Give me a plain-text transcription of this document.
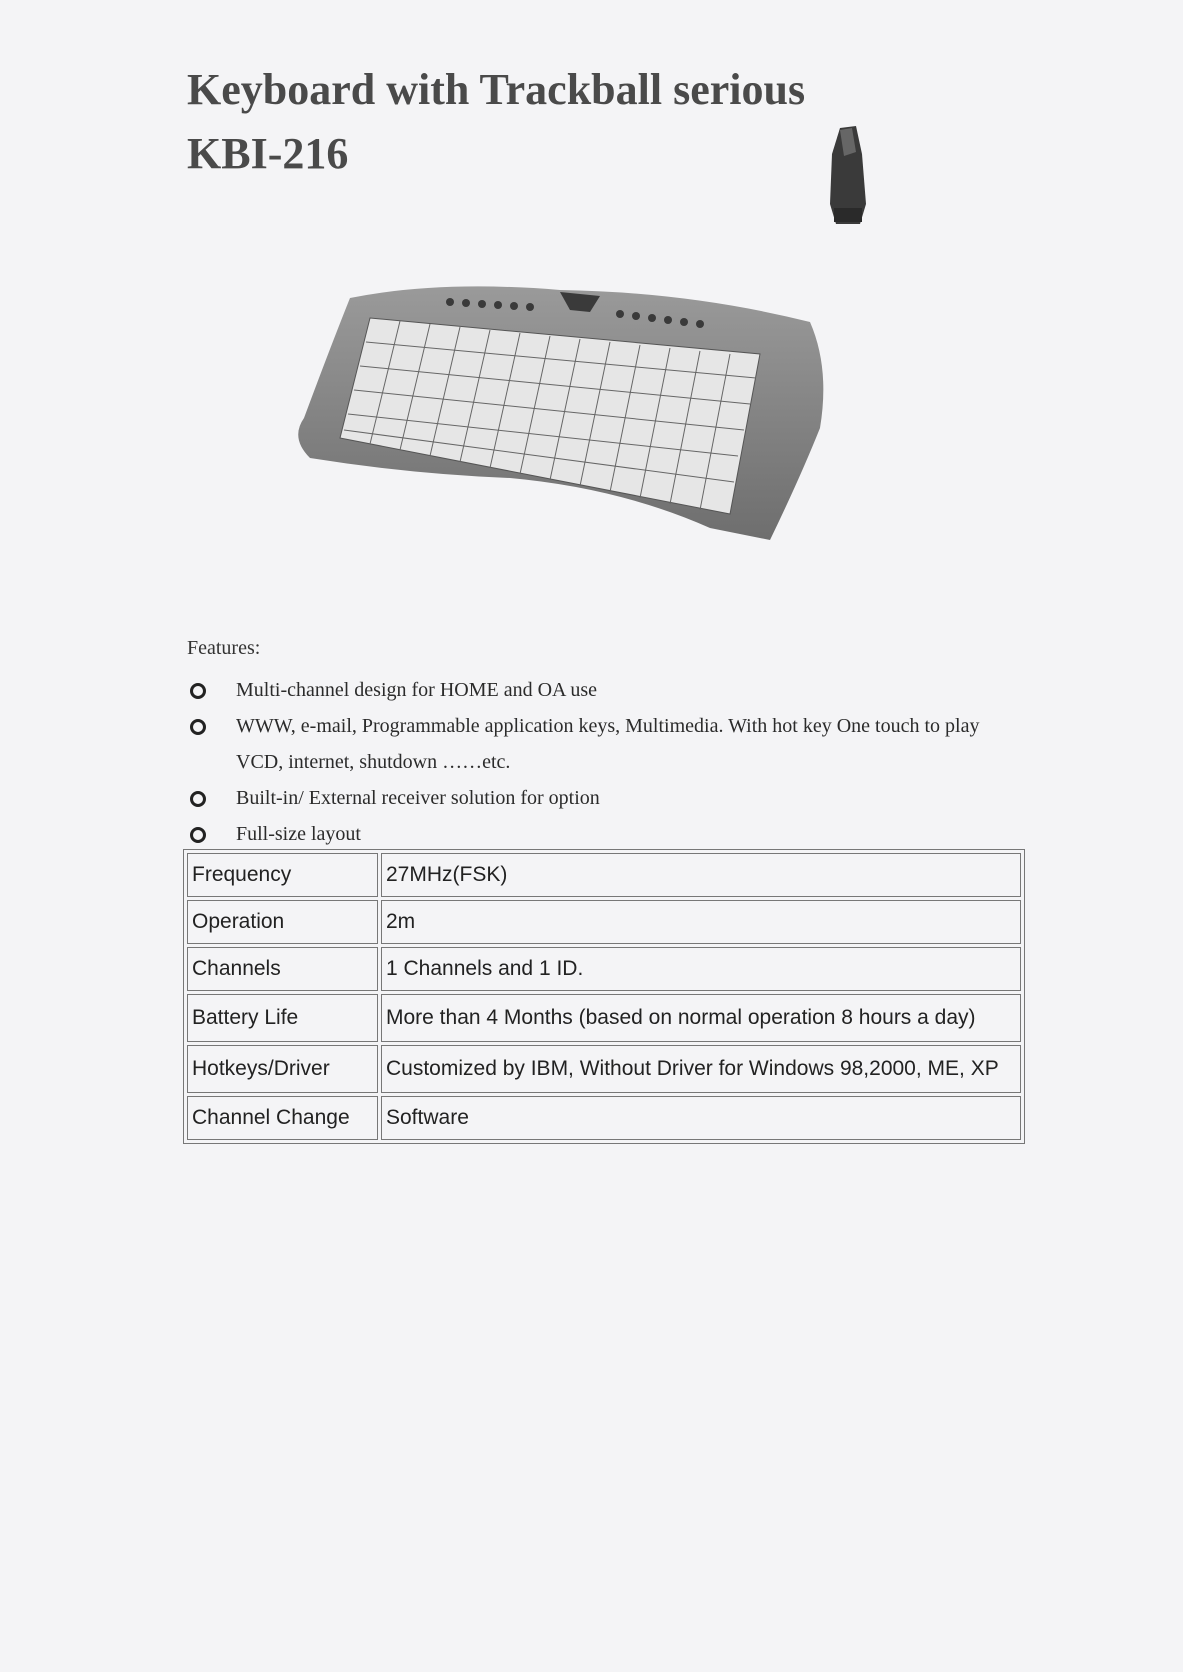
Keyboard with Trackball serious
KBI-216
Features:
Multi-channel design for HOME and OA use
WWW, e-mail, Programmable application keys, Multimedia. With hot key One touch to play VCD, internet, shutdown ……etc.
Built-in/ External receiver solution for option
Full-size layout
Frequency	27MHz(FSK)
Operation	2m
Channels	1 Channels and 1 ID.
Battery Life	More than 4 Months (based on normal operation 8 hours a day)
Hotkeys/Driver	Customized by IBM, Without Driver for Windows 98,2000, ME, XP
Channel Change	Software
